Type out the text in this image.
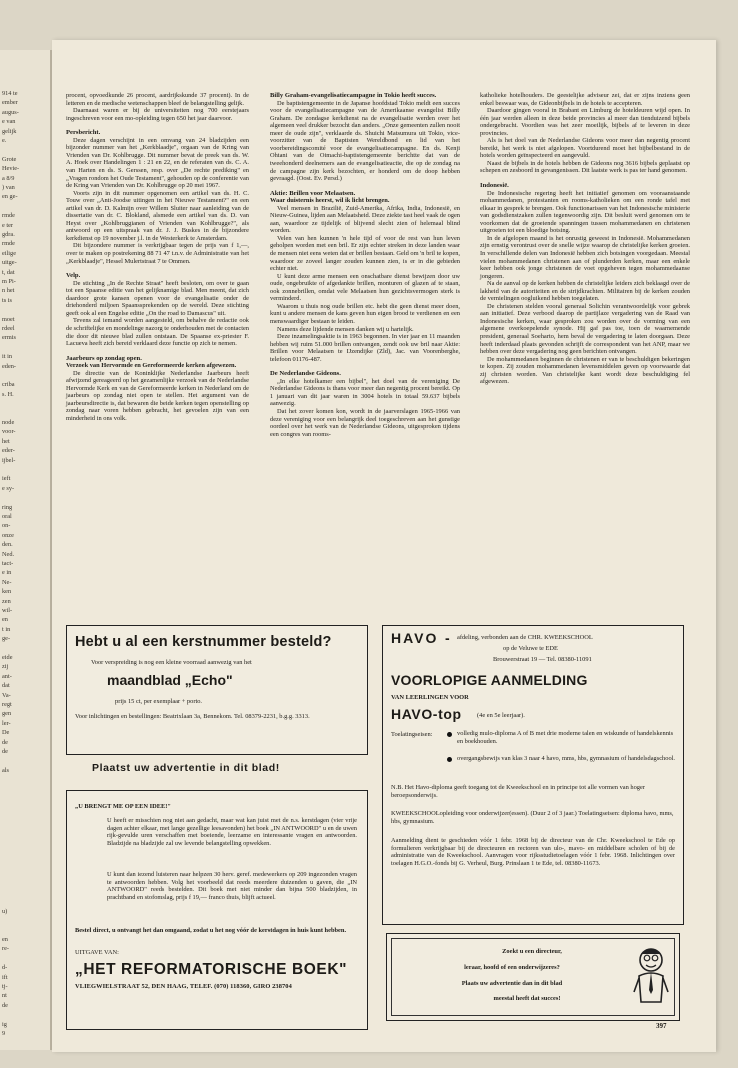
914 te
ember
augus-
e van
gelijk
e.
Grote
Hevie-
a 8/9
) van
en ge-
rmde
e ter
gdra.
rmde
eilige
uitge-
t, dat
m Pi-
n het
ts is
moet
rdeel
ermis
it in
eden-
criba
s. H.
node
voor-
het
eder-
ijbel-
ieft
e sy-
ring
oral
on-
onze
den.
Ned.
tact-
e in
Ne-
ken
zen
wil-
en
t in
ge-
eide
zij
ant-
dat
Va-
regt
gen
ler-
De
de
de
als
u)
en
re-
d-
ift
tj-
nt
de
ig
9

procent, opvoedkunde 26 procent, aardrijkskunde 37 procent). In de letteren en de medische wetenschappen bleef de belangstelling gelijk.

Daarnaast waren er bij de universiteiten nog 700 eerstejaars ingeschreven voor een mo-opleiding tegen 650 het jaar daarvoor.

Persbericht.

Deze dagen verschijnt in een omvang van 24 bladzijden een bijzonder nummer van het „Kerkblaadje", orgaan van de Kring van Vrienden van Dr. Kohlbrugge. Dit nummer bevat de preek van ds. W. A. Hoek over Handelingen 1 : 21 en 22, en de referaten van ds. C. A. van Harten en ds. S. Gerssen, resp. over „De rechte prediking" en „Vragen rondom het Oude Testament", gehouden op de conferentie van de Kring van Vrienden van Dr. Kohlbrugge op 20 mei 1967.

Voorts zijn in dit nummer opgenomen een artikel van ds. H. C. Touw over „Anti-Joodse uitingen in het Nieuwe Testament?" en een artikel van dr. D. Kalmijn over Willem Sluiter naar aanleiding van de dissertatie van dr. C. Blokland, alsmede een artikel van ds. D. van Heyst over „Kohlbruggianen of Vrienden van Kohlbrugge?", als antwoord op een uitspraak van dr. J. J. Buskes in de bijzondere kerkdienst op 19 november j.l. in de Westerkerk te Amsterdam.

Dit bijzondere nummer is verkrijgbaar tegen de prijs van f 1,—, over te maken op postrekening 88 71 47 t.n.v. de Administratie van het „Kerkblaadje", Hessel Mulertstraat 7 te Ommen.

Velp.

De stichting „In de Rechte Straat" heeft besloten, om over te gaan tot een Spaanse editie van het gelijknamige blad. Men meent, dat zich daardoor grote kansen openen voor de evangelisatie onder de driehonderd miljoen Spaanssprekenden op de wereld. Deze stichting geeft ook al een Engelse editie „On the road to Damascus" uit.

Tevens zal iemand worden aangesteld, om behalve de redactie ook de schriftelijke en mondelinge nazorg te onderhouden met de contacten die door dit nieuwe blad zullen ontstaan. De Spaanse ex-priester F. Lacueva heeft zich bereid verklaard deze functie op zich te nemen.

Jaarbeurs op zondag open.

Verzoek van Hervormde en Gereformeerde kerken afgewezen.

De directie van de Koninklijke Nederlandse Jaarbeurs heeft afwijzend gereageerd op het gezamenlijke verzoek van de Nederlandse Hervormde Kerk en van de Gereformeerde kerken in Nederland om de jaarbeurs op zondag niet open te stellen. Het argument van de jaarbeursdirectie is, dat bewaren die beide kerken tegen openstelling op zondag naar voren hebben gebracht, het gevoelen zijn van een minderheid in ons volk.

Billy Graham-evangelisatiecampagne in Tokio heeft succes.

De baptistengemeente in de Japanse hoofdstad Tokio meldt een succes voor de evangelisatiecampagne van de Amerikaanse evangelist Billy Graham. De zondagse kerkdienst na de evangelisatie werden over het algemeen veel drukker bezocht dan anders. „Onze gemeenten zullen nooit meer de oude zijn", verklaarde ds. Shuichi Matsumura uit Tokio, vice-voorzitter van de Baptisten Wereldbond en lid van het voorbereidingscomité voor de evangelisatiecampagne. En ds. Kenji Ohtani van de Oimachi-baptistengemeente berichtte dat van de tweehonderd deelnemers aan de evangelisatieactie, die op de zondag na de campagne zijn kerk bezochten, er honderd om de doop hebben gevraagd. (Oost. Ev. Persd.)

Aktie: Brillen voor Melaatsen.

Waar duisternis heerst, wil ik licht brengen.

Veel mensen in Brazilië, Zuid-Amerika, Afrika, India, Indonesië, en Nieuw-Guinea, lijden aan Melaatsheid. Deze ziekte tast heel vaak de ogen aan, waardoor ze tijdelijk of blijvend slecht zien of helemaal blind worden.

Velen van hen kunnen 'n hele tijd of voor de rest van hun leven geholpen worden met een bril. Er zijn echter streken in deze landen waar de mensen niet eens weten dat er brillen bestaan. Geld om 'n bril te kopen, waardoor ze zoveel langer zouden kunnen zien, is er in die gebieden echter niet.

U kunt deze arme mensen een onschatbare dienst bewijzen door uw oude, ongebruikte of afgedankte brillen, monturen of glazen af te staan, ook zonnebrillen, omdat vele Melaatsen hun gezichtsvermogen sterk is verminderd.

Waarom u thuis nog oude brillen etc. hebt die geen dienst meer doen, kunt u andere mensen de kans geven hun eigen brood te verdienen en een menswaardiger bestaan te leiden.

Namens deze lijdende mensen danken wij u hartelijk.

Deze inzamelingsaktie is in 1963 begonnen. In vier jaar en 11 maanden hebben wij ruim 51.000 brillen ontvangen, zendt ook uw bril naar Aktie: Brillen voor Melaatsen te IJzendijke (Zld), Jac. van Voorenberghe, telefoon 01176-487.

De Nederlandse Gideons.

„In elke hotelkamer een bijbel", het doel van de vereniging De Nederlandse Gideons is thans voor meer dan negentig procent bereikt. Op 1 januari van dit jaar waren in 3004 hotels in totaal 59.637 bijbels aanwezig.

Dat het zover komen kon, wordt in de jaarverslagen 1965-1966 van deze vereniging voor een belangrijk deel toegeschreven aan het gunstige oordeel over het werk van de Nederlandse Gideons, uitgesproken tijdens een congres van rooms-

katholieke hotelhouders. De geestelijke adviseur zei, dat er zijns inziens geen enkel beswaar was, de Gideonbijbels in de hotels te accepteren.

Daardoor gingen vooral in Brabant en Limburg de hoteldeuren wijd open. In één jaar werden alleen in deze beide provincies al meer dan tienduizend bijbels ondergebracht. Voordien was het zeer moeilijk, bijbels af te leveren in deze provincies.

Als is het doel van de Nederlandse Gideons voor meer dan negentig procent bereikt, het werk is niet afgelopen. Voortdurend moet het bijbelbestand in de hotels worden geïnspecteerd en aangevuld.

Naast de bijbels in de hotels hebben de Gideons nog 3616 bijbels geplaatst op schepen en zesboord in gevangenissen. Dit laatste werk is pas ter hand genomen.

Indonesië.

De Indonesische regering heeft het initiatief genomen om vooraanstaande mohammedanen, protestanten en rooms-katholieken om een ronde tafel met elkaar in gesprek te brengen. Ook functionarissen van het Indonesische ministerie van godsdienstzaken zullen tegenwoordig zijn. Dit besluit werd genomen om te voorkomen dat de groeiende spanningen tussen mohammedanen en christenen uitgroeien tot een bloedige botsing.

In de afgelopen maand is het onrustig geweest in Indonesië. Mohammedanen zijn ernstig verontrust over de snelle wijze waarop de christelijke kerken groeien. In verschillende delen van Indonesië hebben zich botsingen voorgedaan. Meestal vielen mohammedanen christenen aan of plunderden kerken, maar een enkele keer hebben ook jonge christenen de voet opgeheven tegen mohammedaanse jongeren.

Na de aanval op de kerken hebben de christelijke leiders zich beklaagd over de lakheid van de autoriteiten en de strijdkrachten. Militairen bij de kerken zouden de vernielingen oogluikend hebben toegelaten.

De christenen stelden vooral generaal Solichin verantwoordelijk voor gebrek aan initiatief. Deze verbood daarop de partijlaze vergadering van de Raad van Indonesische kerken, waar gesproken zou worden over de vorming van een algemene overkoepelende synode. Hij gaf pas toe, toen de waarnemende president, generaal Soeharto, hem beval de vergadering te laten doorgaan. Deze heeft inderdaad plaats gevonden schrijft de correspondent van het ANP, maar we hebben over deze vergadering nog geen berichten ontvangen.

De mohammedanen beginnen de christenen er van te beschuldigen bekeringen te kopen. Zij zouden mohammedanen levensmiddelen geven op voorwaarde dat zij christen worden. Van christelijke kant wordt deze beschuldiging fel afgewezen.

Hebt u al een kerstnummer besteld?
Voor verspreiding is nog een kleine voorraad aanwezig van het
maandblad „Echo"
prijs 15 ct, per exemplaar + porto.
Voor inlichtingen en bestellingen: Beatrixlaan 3a, Bennekom. Tel. 08379-2231, b.g.g. 3313.
Plaatst uw advertentie in dit blad!
„U BRENGT ME OP EEN IDEE!"
U heeft er misschien nog niet aan gedacht, maar wat kan juist met de n.s. kerstdagen (vier vrije dagen achter elkaar, met lange gezellige leesavonden) het boek „IN ANTWOORD" u en de uwen rijk-gevulde uren verschaffen met boeiende, leerzame en interessante vragen en antwoorden. Bladzijde na bladzijde zal uw levende belangstelling opwekken.
U kunt dan iezend luisteren naar helpzen 30 herv. geref. medewerkers op 209 ingezonden vragen te antwoorden hebben. Volg het voorbeeld dat reeds meerdere duizenden u gaven, die „IN ANTWOORD" reeds bestelden. Dit boek met niet minder dan bijna 500 bladzijden, in prachtband en stofomslag, prijs f 19,— franco thuis, blijft actueel.
Bestel direct, u ontvangt het dan omgaand, zodat u het nog vóór de kerstdagen in huis kunt hebben.
UITGAVE VAN:
„HET REFORMATORISCHE BOEK"
VLIEGWIELSTRAAT 52, DEN HAAG, TELEF. (070) 118360, GIRO 238704
HAVO - afdeling, verbonden aan de CHR. KWEEKSCHOOL
op de Veluwe te EDE
Brouwerstraat 19 — Tel. 08380-11091
VOORLOPIGE AANMELDING
VAN LEERLINGEN VOOR
HAVO-top (4e en 5e leerjaar).
Toelatingseisen:	volledig mulo-diploma A of B met drie moderne talen en wiskunde of handelskennis en boekhouden.
overgangsbewijs van klas 3 naar 4 havo, mms, hbs, gymnasium of handelsdagschool.
N.B. Het Havo-diploma geeft toegang tot de Kweekschool en in principe tot alle vormen van hoger beroepsonderwijs.
KWEEKSCHOOLopleiding voor onderwijzer(essen). (Duur 2 of 3 jaar.) Toelatingseisen: diploma havo, mms, hbs, gymnasium.
Aanmelding dient te geschieden vóór 1 febr. 1968 bij de directeur van de Chr. Kweekschool te Ede op formulieren verkrijgbaar bij de directeuren en rectoren van ulo-, mavo- en middelbare scholen of bij de administratie van de Kweekschool. Aanvragen voor rijksstudietoelagen vóór 1 febr. 1968. Inlichtingen over toelagen H.G.O.-fonds bij G. Verheul, Burg. Prinslaan 1 te Ede, tel. 08380-11673.
Zoekt u een directeur,
leraar, hoofd of een onderwijzeres?
Plaats uw advertentie dan in dit blad
meestal heeft dat succes!
397
